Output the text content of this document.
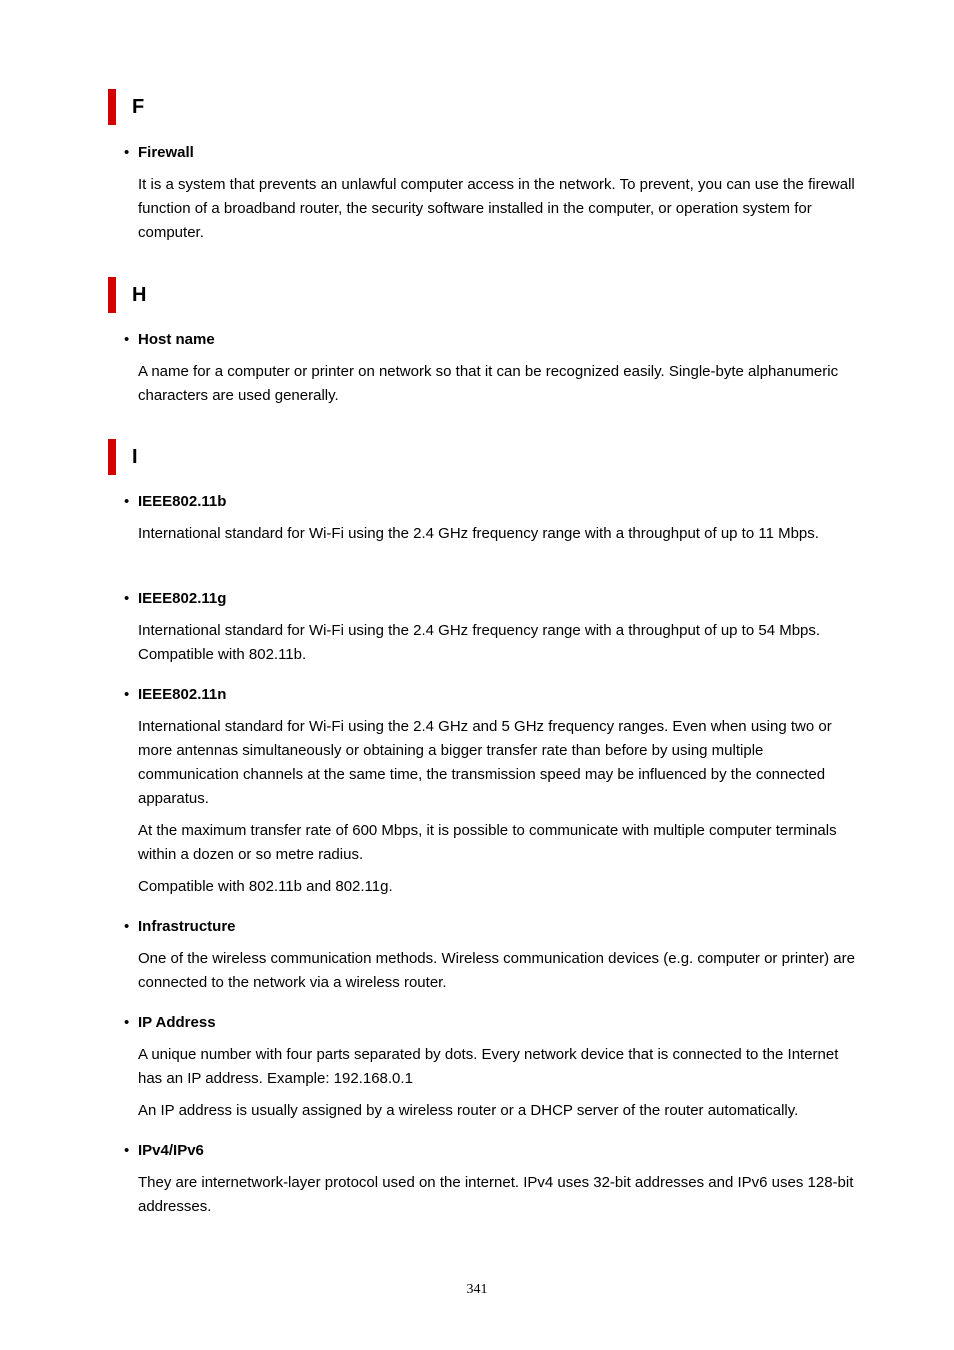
F
• Firewall

It is a system that prevents an unlawful computer access in the network. To prevent, you can use the firewall function of a broadband router, the security software installed in the computer, or operation system for computer.

H
• Host name

A name for a computer or printer on network so that it can be recognized easily. Single-byte alphanumeric characters are used generally.

I
• IEEE802.11b

International standard for Wi-Fi using the 2.4 GHz frequency range with a throughput of up to 11 Mbps.

• IEEE802.11g

International standard for Wi-Fi using the 2.4 GHz frequency range with a throughput of up to 54 Mbps. Compatible with 802.11b.

• IEEE802.11n

International standard for Wi-Fi using the 2.4 GHz and 5 GHz frequency ranges. Even when using two or more antennas simultaneously or obtaining a bigger transfer rate than before by using multiple communication channels at the same time, the transmission speed may be influenced by the connected apparatus.

At the maximum transfer rate of 600 Mbps, it is possible to communicate with multiple computer terminals within a dozen or so metre radius.

Compatible with 802.11b and 802.11g.

• Infrastructure

One of the wireless communication methods. Wireless communication devices (e.g. computer or printer) are connected to the network via a wireless router.

• IP Address

A unique number with four parts separated by dots. Every network device that is connected to the Internet has an IP address. Example: 192.168.0.1

An IP address is usually assigned by a wireless router or a DHCP server of the router automatically.

• IPv4/IPv6

They are internetwork-layer protocol used on the internet. IPv4 uses 32-bit addresses and IPv6 uses 128-bit addresses.

341
